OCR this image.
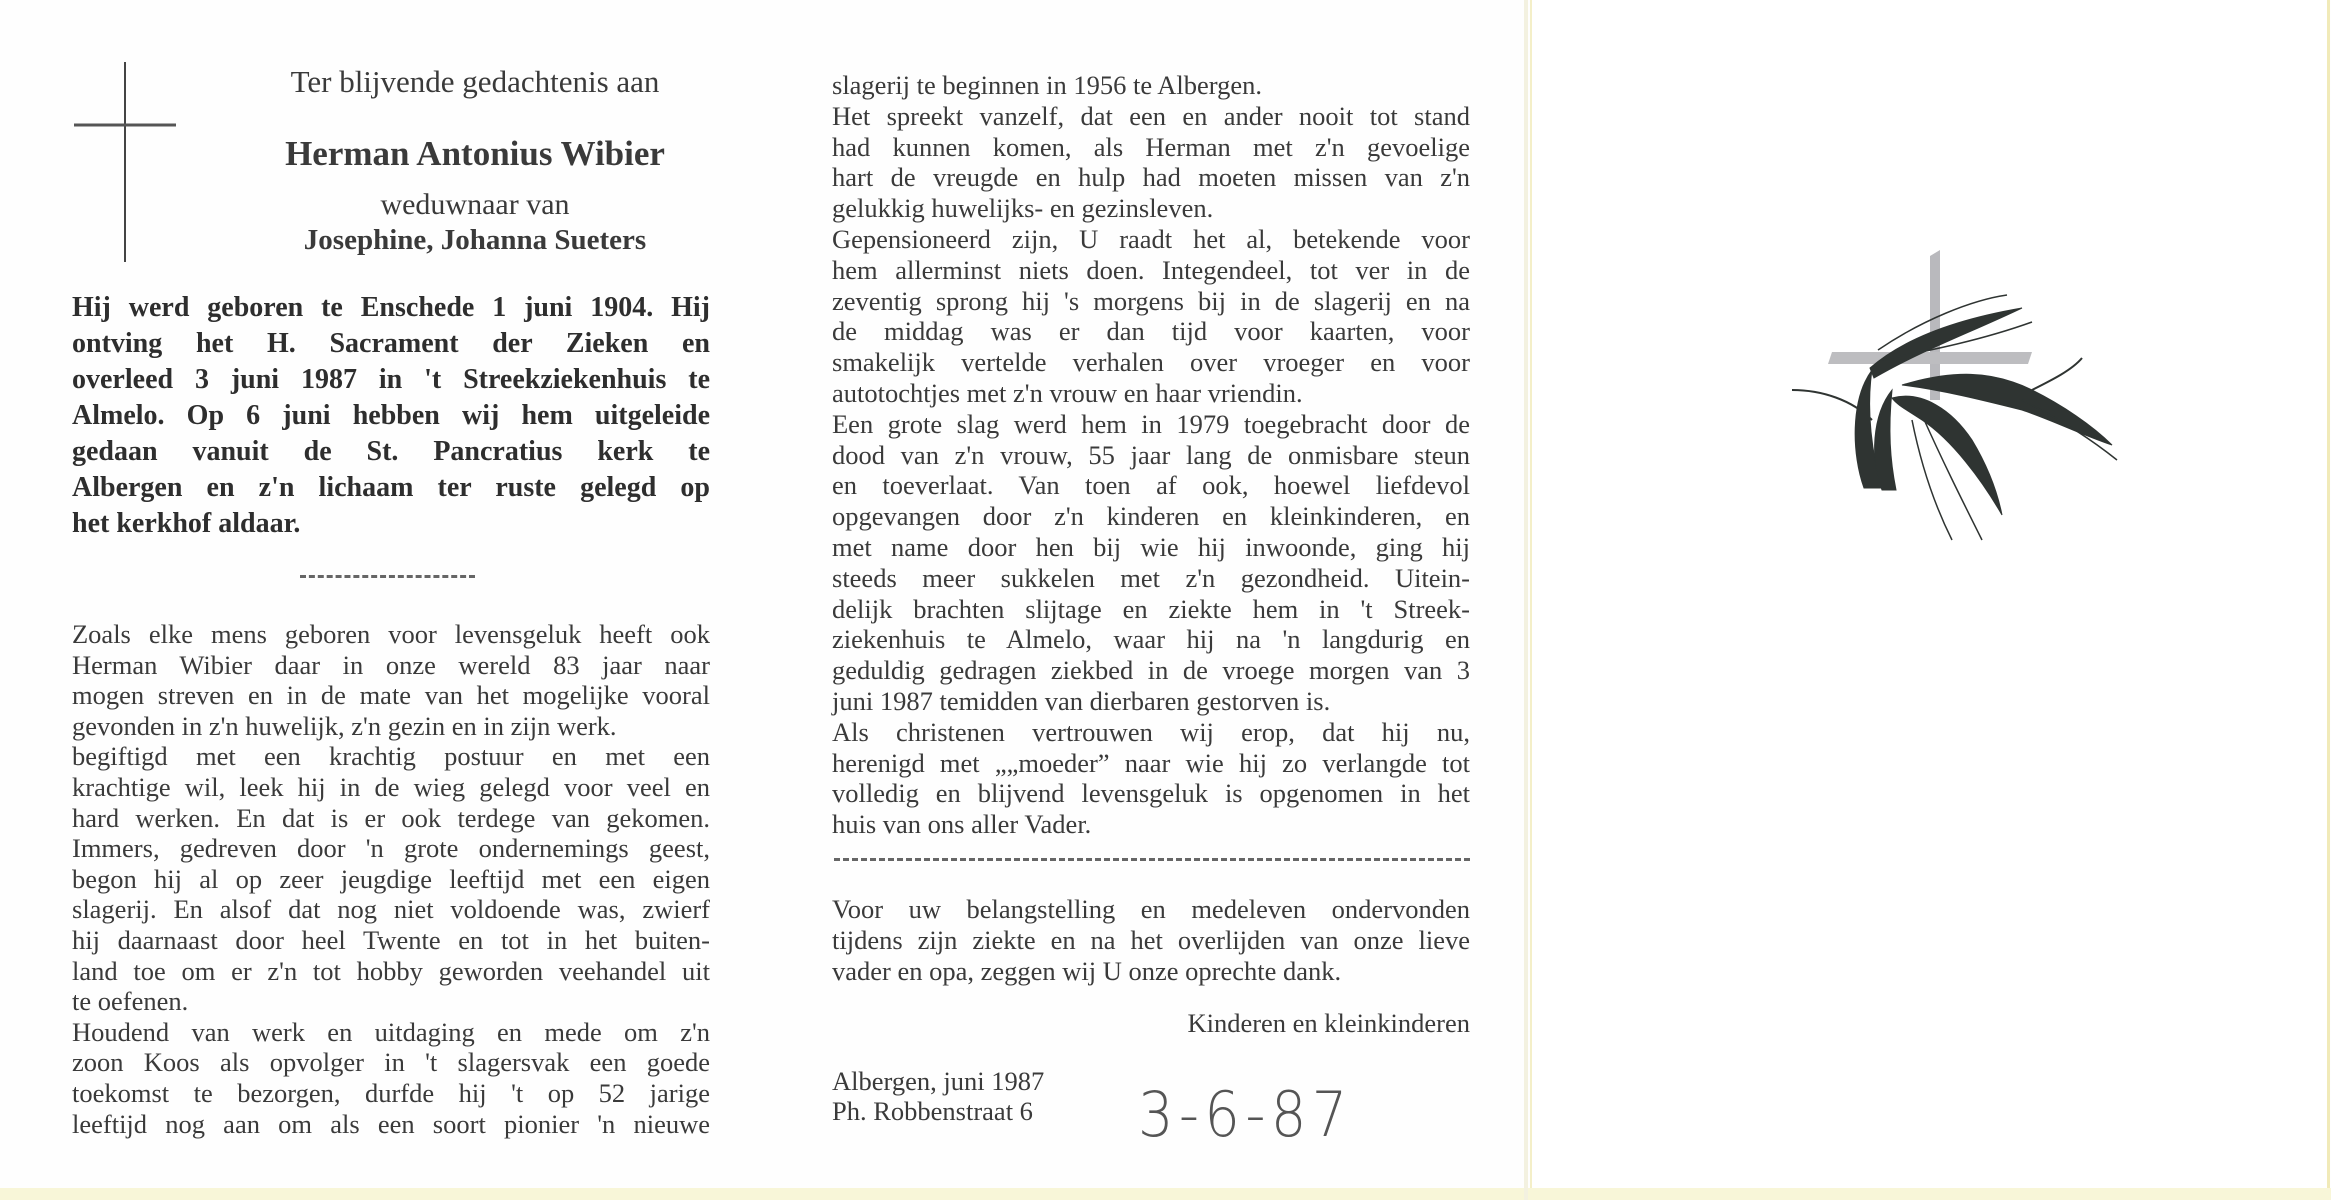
Ter blijvende gedachtenis aan
Herman Antonius Wibier
weduwnaar van
Josephine, Johanna Sueters
Hij werd geboren te Enschede 1 juni 1904. Hij
ontving het H. Sacrament der Zieken en
overleed 3 juni 1987 in 't Streekziekenhuis te
Almelo. Op 6 juni hebben wij hem uitgeleide
gedaan vanuit de St. Pancratius kerk te
Albergen en z'n lichaam ter ruste gelegd op
het kerkhof aldaar.
Zoals elke mens geboren voor levensgeluk heeft ook
Herman Wibier daar in onze wereld 83 jaar naar
mogen streven en in de mate van het mogelijke vooral
gevonden in z'n huwelijk, z'n gezin en in zijn werk.
begiftigd met een krachtig postuur en met een
krachtige wil, leek hij in de wieg gelegd voor veel en
hard werken. En dat is er ook terdege van gekomen.
Immers, gedreven door 'n grote ondernemings geest,
begon hij al op zeer jeugdige leeftijd met een eigen
slagerij. En alsof dat nog niet voldoende was, zwierf
hij daarnaast door heel Twente en tot in het buiten-
land toe om er z'n tot hobby geworden veehandel uit
te oefenen.
Houdend van werk en uitdaging en mede om z'n
zoon Koos als opvolger in 't slagersvak een goede
toekomst te bezorgen, durfde hij 't op 52 jarige
leeftijd nog aan om als een soort pionier 'n nieuwe
slagerij te beginnen in 1956 te Albergen.
Het spreekt vanzelf, dat een en ander nooit tot stand
had kunnen komen, als Herman met z'n gevoelige
hart de vreugde en hulp had moeten missen van z'n
gelukkig huwelijks- en gezinsleven.
Gepensioneerd zijn, U raadt het al, betekende voor
hem allerminst niets doen. Integendeel, tot ver in de
zeventig sprong hij 's morgens bij in de slagerij en na
de middag was er dan tijd voor kaarten, voor
smakelijk vertelde verhalen over vroeger en voor
autotochtjes met z'n vrouw en haar vriendin.
Een grote slag werd hem in 1979 toegebracht door de
dood van z'n vrouw, 55 jaar lang de onmisbare steun
en toeverlaat. Van toen af ook, hoewel liefdevol
opgevangen door z'n kinderen en kleinkinderen, en
met name door hen bij wie hij inwoonde, ging hij
steeds meer sukkelen met z'n gezondheid. Uitein-
delijk brachten slijtage en ziekte hem in 't Streek-
ziekenhuis te Almelo, waar hij na 'n langdurig en
geduldig gedragen ziekbed in de vroege morgen van 3
juni 1987 temidden van dierbaren gestorven is.
Als christenen vertrouwen wij erop, dat hij nu,
herenigd met „„moeder” naar wie hij zo verlangde tot
volledig en blijvend levensgeluk is opgenomen in het
huis van ons aller Vader.
Voor uw belangstelling en medeleven ondervonden
tijdens zijn ziekte en na het overlijden van onze lieve
vader en opa, zeggen wij U onze oprechte dank.
Kinderen en kleinkinderen
Albergen, juni 1987
Ph. Robbenstraat 6 3-6-87
